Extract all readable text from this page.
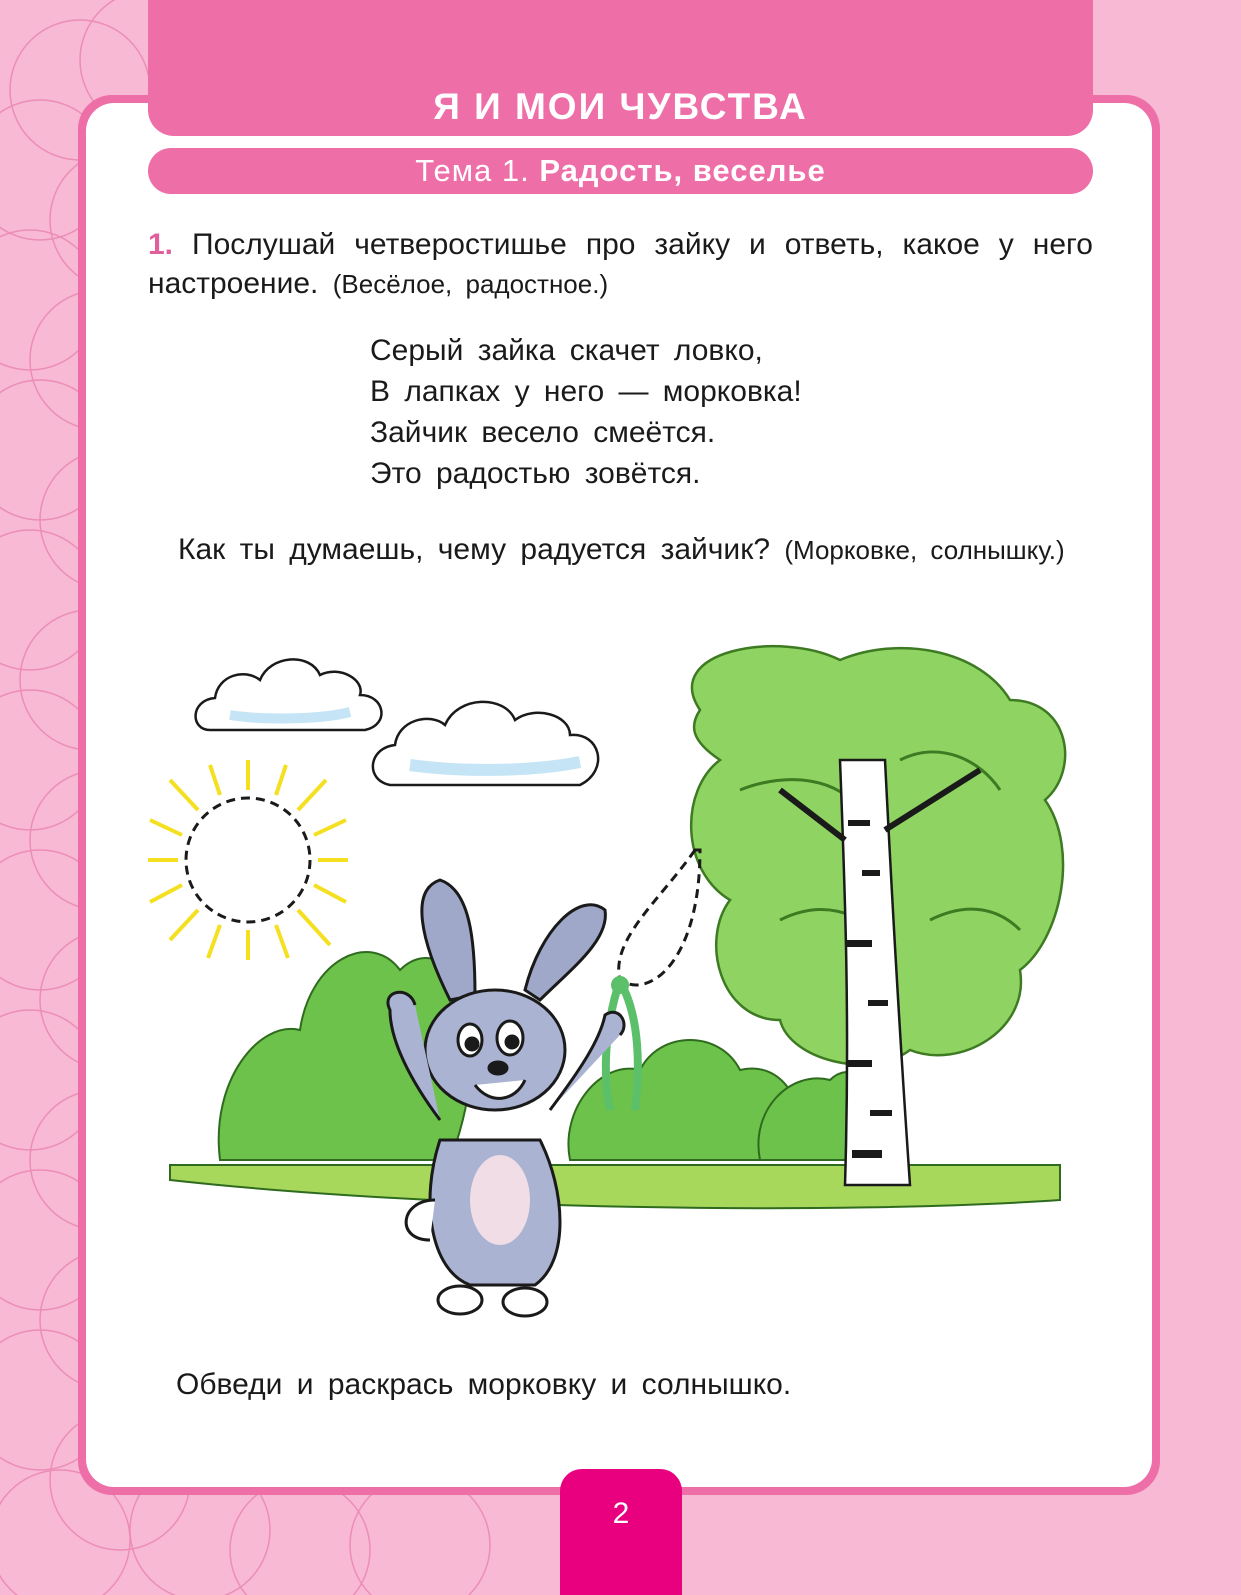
Я И МОИ ЧУВСТВА
Тема 1. Радость, веселье
1. Послушай четверостишье про зайку и ответь, какое у него настроение. (Весёлое, радостное.)
Серый зайка скачет ловко,
В лапках у него — морковка!
Зайчик весело смеётся.
Это радостью зовётся.
Как ты думаешь, чему радуется зайчик? (Морковке, солнышку.)
Обведи и раскрась морковку и солнышко.
2
